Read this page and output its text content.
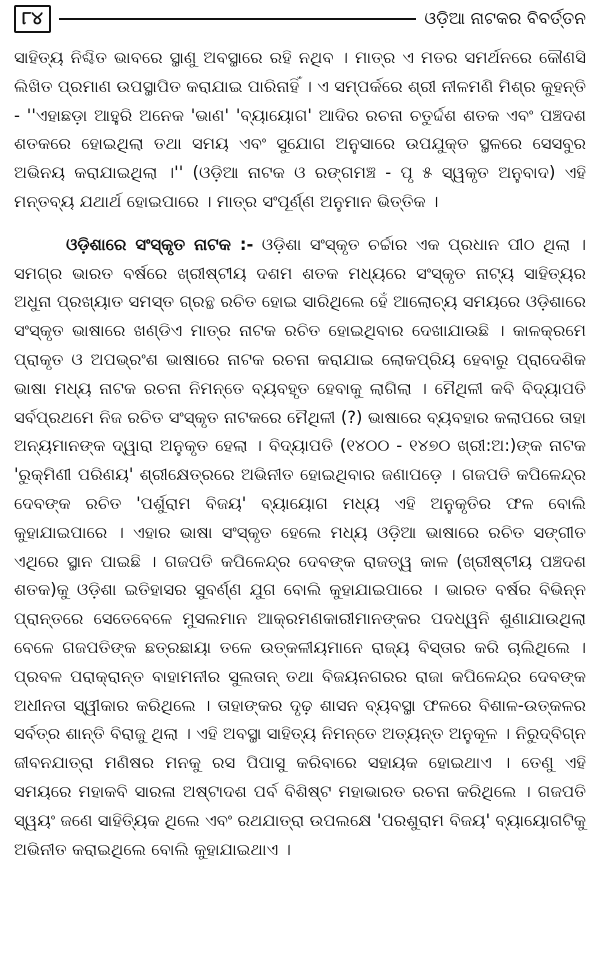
୮୪	ଓଡ଼ିଆ ନାଟକର ବିବର୍ତ୍ତନ

ସାହିତ୍ୟ ନିଶ୍ଚିତ ଭାବରେ ସ୍ଥାଣୁ ଅବସ୍ଥାରେ ରହି ନଥିବ । ମାତ୍ର ଏ ମତର ସମର୍ଥନରେ କୌଣସି ଲିଖିତ ପ୍ରମାଣ ଉପସ୍ଥାପିତ କରାଯାଇ ପାରିନାହିଁ । ଏ ସମ୍ପର୍କରେ ଶ୍ରୀ ନୀଳମଣି ମିଶ୍ର କୁହନ୍ତି - ''ଏହାଛଡ଼ା ଆହୁରି ଅନେକ 'ଭାଣ' 'ବ୍ୟାୟୋଗ' ଆଦିର ରଚନା ଚତୁର୍ଦ୍ଦଶ ଶତକ ଏବଂ ପଞ୍ଚଦଶ ଶତକରେ ହୋଇଥିଲା ତଥା ସମୟ ଏବଂ ସୁଯୋଗ ଅନୁସାରେ ଉପଯୁକ୍ତ ସ୍ଥଳରେ ସେସବୁର ଅଭିନୟ କରାଯାଇଥିଲା ।'' (ଓଡ଼ିଆ ନାଟକ ଓ ରଙ୍ଗମଞ୍ଚ - ପୃ ୫ ସ୍ୱକୃତ ଅନୁବାଦ) ଏହି ମନ୍ତବ୍ୟ ଯଥାର୍ଥ ହୋଇପାରେ । ମାତ୍ର ସଂପୂର୍ଣ୍ଣ ଅନୁମାନ ଭିତ୍ତିକ ।

ଓଡ଼ିଶାରେ ସଂସ୍କୃତ ନାଟକ :- ଓଡ଼ିଶା ସଂସ୍କୃତ ଚର୍ଚ୍ଚାର ଏକ ପ୍ରଧାନ ପୀଠ ଥିଲା । ସମଗ୍ର ଭାରତ ବର୍ଷରେ ଖ୍ରୀଷ୍ଟୀୟ ଦଶମ ଶତକ ମଧ୍ୟରେ ସଂସ୍କୃତ ନାଟ୍ୟ ସାହିତ୍ୟର ଅଧୁନା ପ୍ରଖ୍ୟାତ ସମସ୍ତ ଗ୍ରନ୍ଥ ରଚିତ ହୋଇ ସାରିଥିଲେ ହେଁ ଆଲୋଚ୍ୟ ସମୟରେ ଓଡ଼ିଶାରେ ସଂସ୍କୃତ ଭାଷାରେ ଖଣ୍ଡିଏ ମାତ୍ର ନାଟକ ରଚିତ ହୋଇଥିବାର ଦେଖାଯାଉଛି । କାଳକ୍ରମେ ପ୍ରାକୃତ ଓ ଅପଭ୍ରଂଶ ଭାଷାରେ ନାଟକ ରଚନା କରାଯାଇ ଲୋକପ୍ରିୟ ହେବାରୁ ପ୍ରାଦେଶିକ ଭାଷା ମଧ୍ୟ ନାଟକ ରଚନା ନିମନ୍ତେ ବ୍ୟବହୃତ ହେବାକୁ ଲାଗିଲା । ମୈଥିଳୀ କବି ବିଦ୍ୟାପତି ସର୍ବପ୍ରଥମେ ନିଜ ରଚିତ ସଂସ୍କୃତ ନାଟକରେ ମୈଥିଳୀ (?) ଭାଷାରେ ବ୍ୟବହାର କଲାପରେ ତାହା ଅନ୍ୟମାନଙ୍କ ଦ୍ୱାରା ଅନୁକୃତ ହେଲା । ବିଦ୍ୟାପତି (୧୪୦୦ - ୧୪୭୦ ଖ୍ରୀ:ଅ:)ଙ୍କ ନାଟକ 'ରୁକ୍ମିଣୀ ପରିଣୟ' ଶ୍ରୀକ୍ଷେତ୍ରରେ ଅଭିନୀତ ହୋଇଥିବାର ଜଣାପଡ଼େ । ଗଜପତି କପିଳେନ୍ଦ୍ର ଦେବଙ୍କ ରଚିତ 'ପର୍ଶୁରାମ ବିଜୟ' ବ୍ୟାୟୋଗ ମଧ୍ୟ ଏହି ଅନୁକୃତିର ଫଳ ବୋଲି କୁହାଯାଇପାରେ । ଏହାର ଭାଷା ସଂସ୍କୃତ ହେଲେ ମଧ୍ୟ ଓଡ଼ିଆ ଭାଷାରେ ରଚିତ ସଙ୍ଗୀତ ଏଥିରେ ସ୍ଥାନ ପାଇଛି । ଗଜପତି କପିଳେନ୍ଦ୍ର ଦେବଙ୍କ ରାଜତ୍ୱ କାଳ (ଖ୍ରୀଷ୍ଟୀୟ ପଞ୍ଚଦଶ ଶତକ)କୁ ଓଡ଼ିଶା ଇତିହାସର ସୁବର୍ଣ୍ଣ ଯୁଗ ବୋଲି କୁହାଯାଇପାରେ । ଭାରତ ବର୍ଷର ବିଭିନ୍ନ ପ୍ରାନ୍ତରେ ସେତେବେଳେ ମୁସଲମାନ ଆକ୍ରମଣକାରୀମାନଙ୍କର ପଦଧ୍ୱନି ଶୁଣାଯାଉଥିଲା ବେଳେ ଗଜପତିଙ୍କ ଛତ୍ରଛାୟା ତଳେ ଉତ୍କଳୀୟମାନେ ରାଜ୍ୟ ବିସ୍ତାର କରି ଚାଲିଥିଲେ । ପ୍ରବଳ ପରାକ୍ରାନ୍ତ ବାହାମନୀର ସୁଲତାନ୍ ତଥା ବିଜୟନଗରର ରାଜା କପିଳେନ୍ଦ୍ର ଦେବଙ୍କ ଅଧୀନତା ସ୍ୱୀକାର କରିଥିଲେ । ତାହାଙ୍କର ଦୃଢ଼ ଶାସନ ବ୍ୟବସ୍ଥା ଫଳରେ ବିଶାଳ-ଉତ୍କଳର ସର୍ବତ୍ର ଶାନ୍ତି ବିରାଜୁ ଥିଲା । ଏହି ଅବସ୍ଥା ସାହିତ୍ୟ ନିମନ୍ତେ ଅତ୍ୟନ୍ତ ଅନୁକୂଳ । ନିରୁଦ୍‌ବିଗ୍ନ ଜୀବନଯାତ୍ରା ମଣିଷର ମନକୁ ରସ ପିପାସୁ କରିବାରେ ସହାୟକ ହୋଇଥାଏ । ତେଣୁ ଏହି ସମୟରେ ମହାକବି ସାରଳା ଅଷ୍ଟାଦଶ ପର୍ବ ବିଶିଷ୍ଟ ମହାଭାରତ ରଚନା କରିଥିଲେ । ଗଜପତି ସ୍ୱୟଂ ଜଣେ ସାହିତ୍ୟିକ ଥିଲେ ଏବଂ ରଥଯାତ୍ରା ଉପଲକ୍ଷେ 'ପରଶୁରାମ ବିଜୟ' ବ୍ୟାୟୋଗଟିକୁ ଅଭିନୀତ କରାଇଥିଲେ ବୋଲି କୁହାଯାଇଥାଏ ।
